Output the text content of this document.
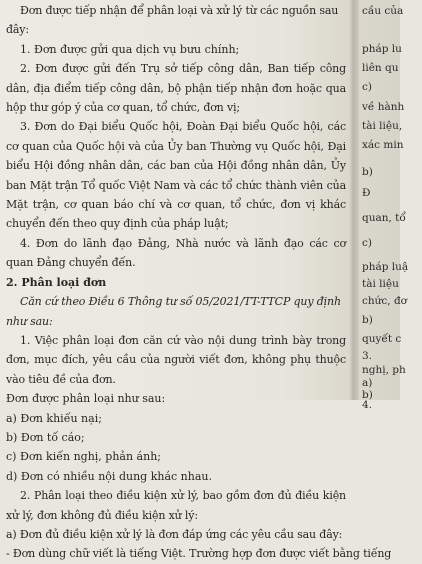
Đơn được tiếp nhận để phân loại và xử lý từ các nguồn sau đây:

1. Đơn được gửi qua dịch vụ bưu chính;

2. Đơn được gửi đến Trụ sở tiếp công dân, Ban tiếp công dân, địa điểm tiếp công dân, bộ phận tiếp nhận đơn hoặc qua hộp thư góp ý của cơ quan, tổ chức, đơn vị;

3. Đơn do Đại biểu Quốc hội, Đoàn Đại biểu Quốc hội, các cơ quan của Quốc hội và của Ủy ban Thường vụ Quốc hội, Đại biểu Hội đồng nhân dân, các ban của Hội đồng nhân dân, Ủy ban Mặt trận Tổ quốc Việt Nam và các tổ chức thành viên của Mặt trận, cơ quan báo chí và cơ quan, tổ chức, đơn vị khác chuyển đến theo quy định của pháp luật;

4. Đơn do lãnh đạo Đảng, Nhà nước và lãnh đạo các cơ quan Đảng chuyển đến.

2. Phân loại đơn

Căn cứ theo Điều 6 Thông tư số 05/2021/TT-TTCP quy định như sau:

1. Việc phân loại đơn căn cứ vào nội dung trình bày trong đơn, mục đích, yêu cầu của người viết đơn, không phụ thuộc vào tiêu đề của đơn.

Đơn được phân loại như sau:

a) Đơn khiếu nại;

b) Đơn tố cáo;

c) Đơn kiến nghị, phản ánh;

d) Đơn có nhiều nội dung khác nhau.

2. Phân loại theo điều kiện xử lý, bao gồm đơn đủ điều kiện xử lý, đơn không đủ điều kiện xử lý:

a) Đơn đủ điều kiện xử lý là đơn đáp ứng các yêu cầu sau đây:

- Đơn dùng chữ viết là tiếng Việt. Trường hợp đơn được viết bằng tiếng

cầu của
pháp lu
liên qu
c)
về hành
tài liệu,
xác min
b)
Đ
quan, tổ
c)
pháp luậ
tài liệu
chức, đơ
b)
quyết c
3.
nghị, ph
a)
b)
4.
